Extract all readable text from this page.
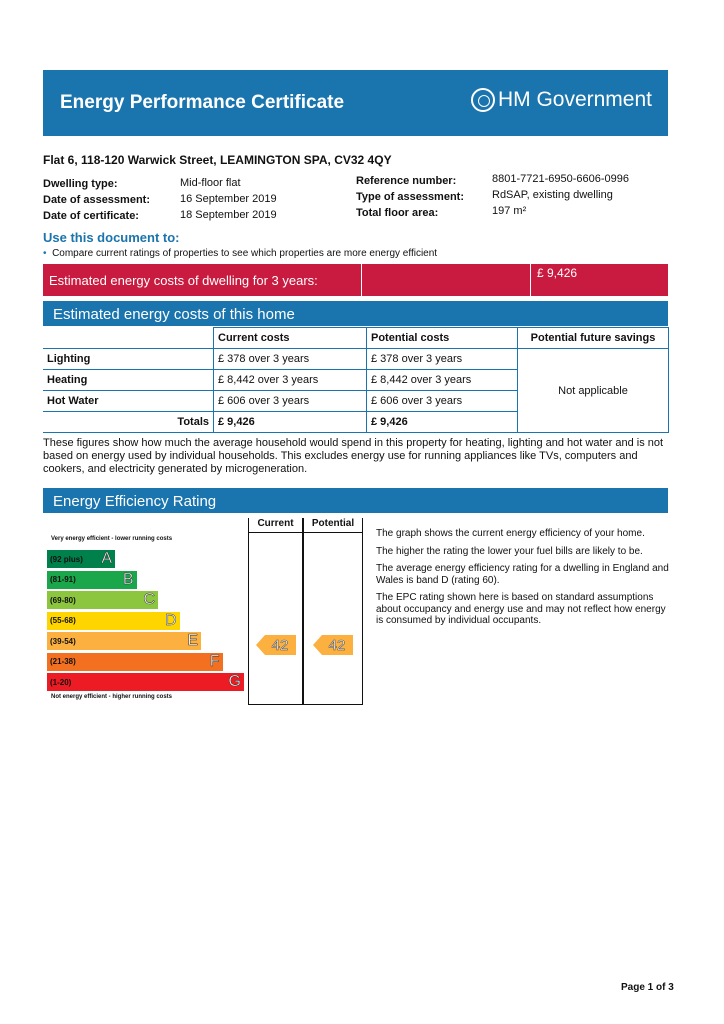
Energy Performance Certificate	HM Government
Flat 6, 118-120 Warwick Street, LEAMINGTON SPA, CV32 4QY
Dwelling type:	Mid-floor flat
Date of assessment:	16 September 2019
Date of certificate:	18 September 2019
Reference number:	8801-7721-6950-6606-0996
Type of assessment:	RdSAP, existing dwelling
Total floor area:	197 m²
Use this document to:
•  Compare current ratings of properties to see which properties are more energy efficient
Estimated energy costs of dwelling for 3 years:	£ 9,426
Estimated energy costs of this home
	Current costs	Potential costs	Potential future savings
Lighting	£ 378 over 3 years	£ 378 over 3 years	Not applicable
Heating	£ 8,442 over 3 years	£ 8,442 over 3 years	
Hot Water	£ 606 over 3 years	£ 606 over 3 years	
Totals	£ 9,426	£ 9,426	
These figures show how much the average household would spend in this property for heating, lighting and hot water and is not based on energy used by individual households. This excludes energy use for running appliances like TVs, computers and cookers, and electricity generated by microgeneration.
Energy Efficiency Rating
Very energy efficient - lower running costs
(92 plus) A
(81-91)	B
(69-80)	C
(55-68)	D
(39-54)	E
(21-38)	F
(1-20)	G
Not energy efficient - higher running costs
Current	Potential
42	42

The graph shows the current energy efficiency of your home.

The higher the rating the lower your fuel bills are likely to be.

The average energy efficiency rating for a dwelling in England and Wales is band D (rating 60).

The EPC rating shown here is based on standard assumptions about occupancy and energy use and may not reflect how energy is consumed by individual occupants.

Page 1 of 3
